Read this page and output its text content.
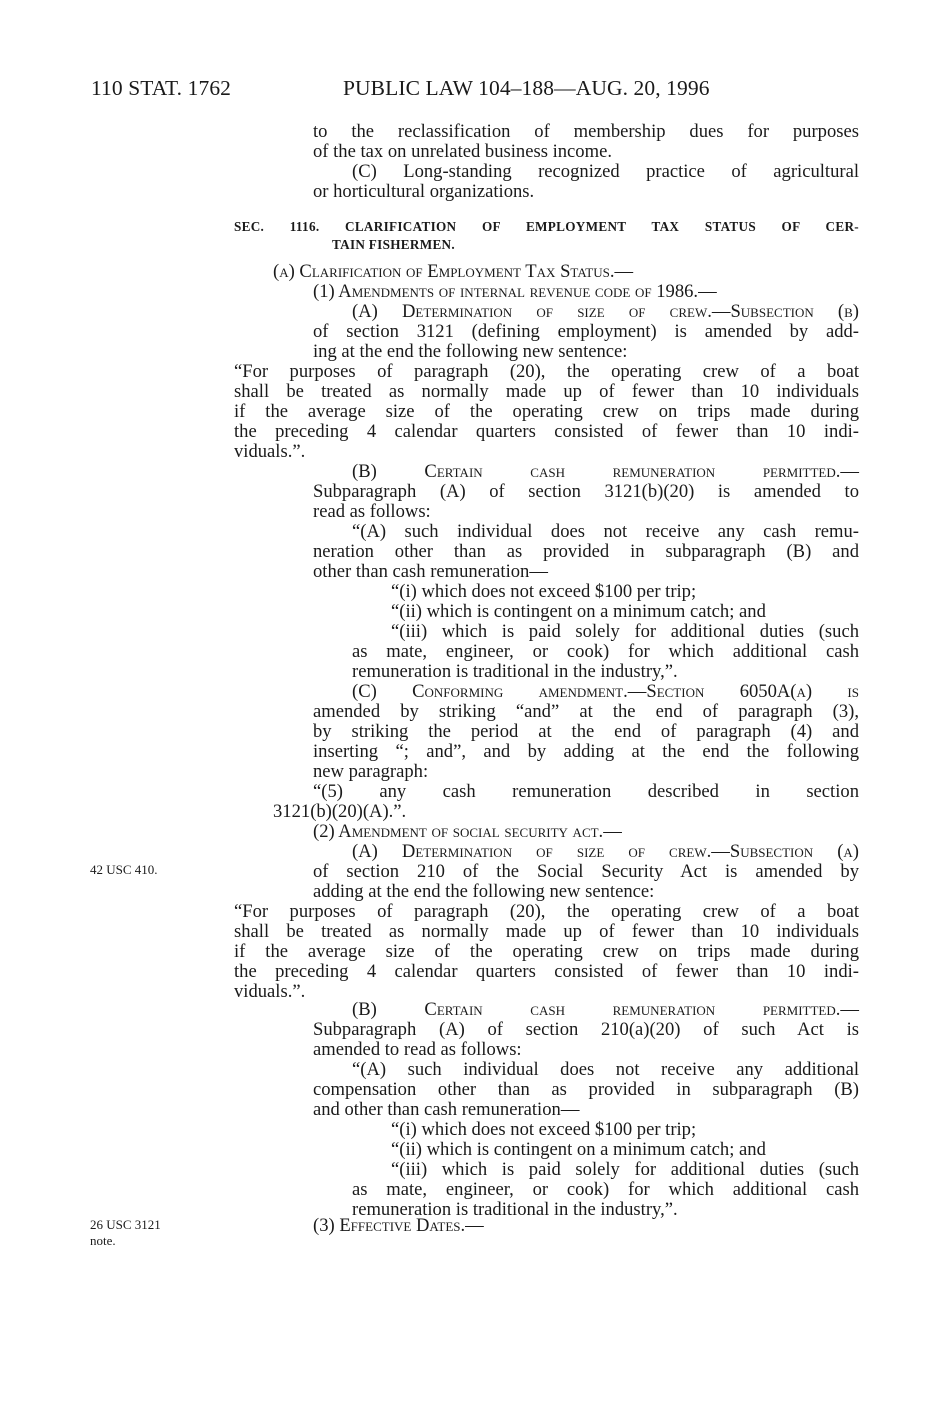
110 STAT. 1762	PUBLIC LAW 104–188—AUG. 20, 1996
42 USC 410.
26 USC 3121
note.
to the reclassification of membership dues for purposes
of the tax on unrelated business income.
(C) Long-standing recognized practice of agricultural
or horticultural organizations.
SEC. 1116. CLARIFICATION OF EMPLOYMENT TAX STATUS OF CER-
TAIN FISHERMEN.
(a) Clarification of Employment Tax Status.—
(1) Amendments of internal revenue code of 1986.—
(A) Determination of size of crew.—Subsection (b)
of section 3121 (defining employment) is amended by add-
ing at the end the following new sentence:
“For purposes of paragraph (20), the operating crew of a boat
shall be treated as normally made up of fewer than 10 individuals
if the average size of the operating crew on trips made during
the preceding 4 calendar quarters consisted of fewer than 10 indi-
viduals.”.
(B) Certain cash remuneration permitted.—
Subparagraph (A) of section 3121(b)(20) is amended to
read as follows:
“(A) such individual does not receive any cash remu-
neration other than as provided in subparagraph (B) and
other than cash remuneration—
“(i) which does not exceed $100 per trip;
“(ii) which is contingent on a minimum catch; and
“(iii) which is paid solely for additional duties (such
as mate, engineer, or cook) for which additional cash
remuneration is traditional in the industry,”.
(C) Conforming amendment.—Section 6050A(a) is
amended by striking “and” at the end of paragraph (3),
by striking the period at the end of paragraph (4) and
inserting “; and”, and by adding at the end the following
new paragraph:
“(5) any cash remuneration described in section
3121(b)(20)(A).”.
(2) Amendment of social security act.—
(A) Determination of size of crew.—Subsection (a)
of section 210 of the Social Security Act is amended by
adding at the end the following new sentence:
“For purposes of paragraph (20), the operating crew of a boat
shall be treated as normally made up of fewer than 10 individuals
if the average size of the operating crew on trips made during
the preceding 4 calendar quarters consisted of fewer than 10 indi-
viduals.”.
(B) Certain cash remuneration permitted.—
Subparagraph (A) of section 210(a)(20) of such Act is
amended to read as follows:
“(A) such individual does not receive any additional
compensation other than as provided in subparagraph (B)
and other than cash remuneration—
“(i) which does not exceed $100 per trip;
“(ii) which is contingent on a minimum catch; and
“(iii) which is paid solely for additional duties (such
as mate, engineer, or cook) for which additional cash
remuneration is traditional in the industry,”.
(3) Effective Dates.—
